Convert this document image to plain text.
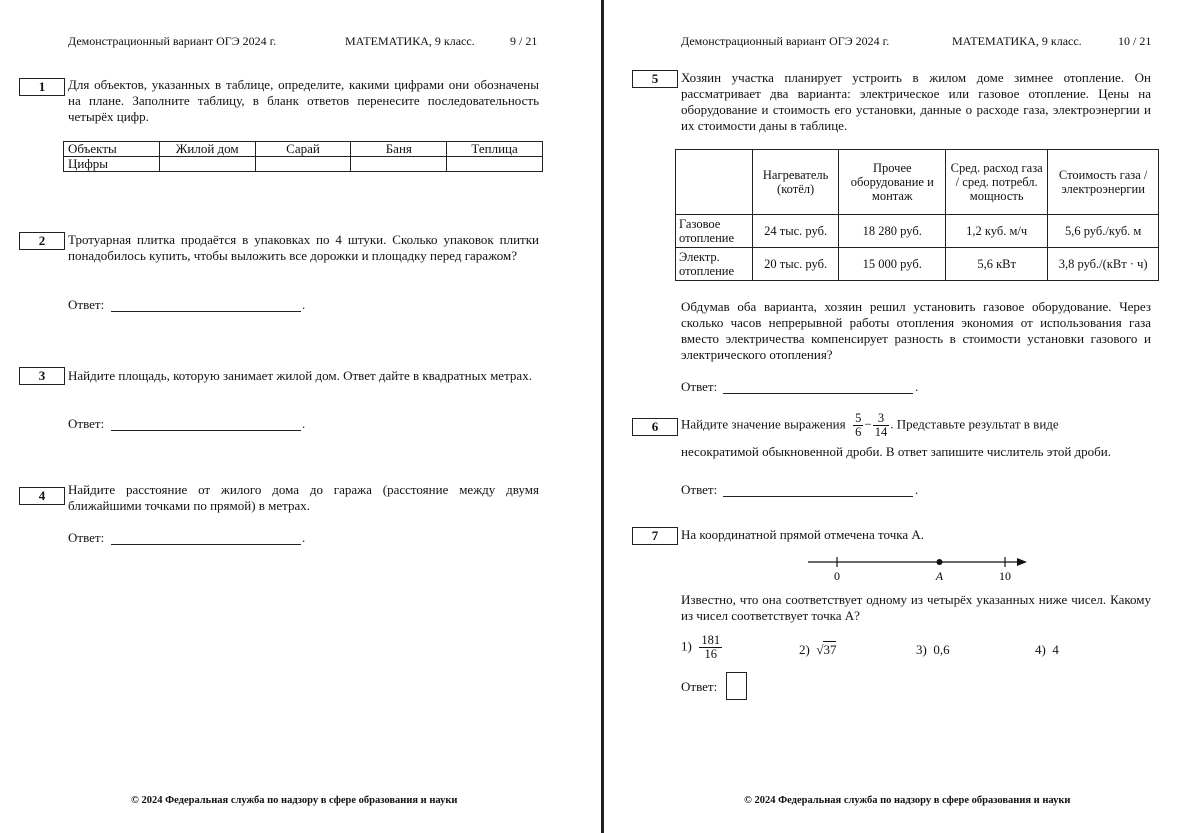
Демонстрационный вариант ОГЭ 2024 г.	МАТЕМАТИКА, 9 класс.	9 / 21
1	Для объектов, указанных в таблице, определите, какими цифрами они обозначены на плане. Заполните таблицу, в бланк ответов перенесите последовательность четырёх цифр.
Объекты	Жилой дом	Сарай	Баня	Теплица
Цифры				
2	Тротуарная плитка продаётся в упаковках по 4 штуки. Сколько упаковок плитки понадобилось купить, чтобы выложить все дорожки и площадку перед гаражом?
Ответ:	.
3	Найдите площадь, которую занимает жилой дом. Ответ дайте в квадратных метрах.
Ответ:	.
4	Найдите расстояние от жилого дома до гаража (расстояние между двумя ближайшими точками по прямой) в метрах.
Ответ:	.
© 2024 Федеральная служба по надзору в сфере образования и науки
Демонстрационный вариант ОГЭ 2024 г.	МАТЕМАТИКА, 9 класс.	10 / 21
5	Хозяин участка планирует устроить в жилом доме зимнее отопление. Он рассматривает два варианта: электрическое или газовое отопление. Цены на оборудование и стоимость его установки, данные о расходе газа, электроэнергии и их стоимости даны в таблице.
	Нагреватель (котёл)	Прочее оборудование и монтаж	Сред. расход газа / сред. потребл. мощность	Стоимость газа / электроэнергии
Газовое отопление	24 тыс. руб.	18 280 руб.	1,2 куб. м/ч	5,6 руб./куб. м
Электр. отопление	20 тыс. руб.	15 000 руб.	5,6 кВт	3,8 руб./(кВт · ч)
Обдумав оба варианта, хозяин решил установить газовое оборудование. Через сколько часов непрерывной работы отопления экономия от использования газа вместо электричества компенсирует разность в стоимости установки газового и электрического отопления?
Ответ:	.
6	Найдите значение выражения $\frac{5}{6} - \frac{3}{14}$ . Представьте результат в виде
несократимой обыкновенной дроби. В ответ запишите числитель этой дроби.
Ответ:	.
7	На координатной прямой отмечена точка A.
0	A	10
Известно, что она соответствует одному из четырёх указанных ниже чисел. Какому из чисел соответствует точка A?
$1) \frac{181}{16}$	2) √37	3) 0,6	4) 4
Ответ:
© 2024 Федеральная служба по надзору в сфере образования и науки
